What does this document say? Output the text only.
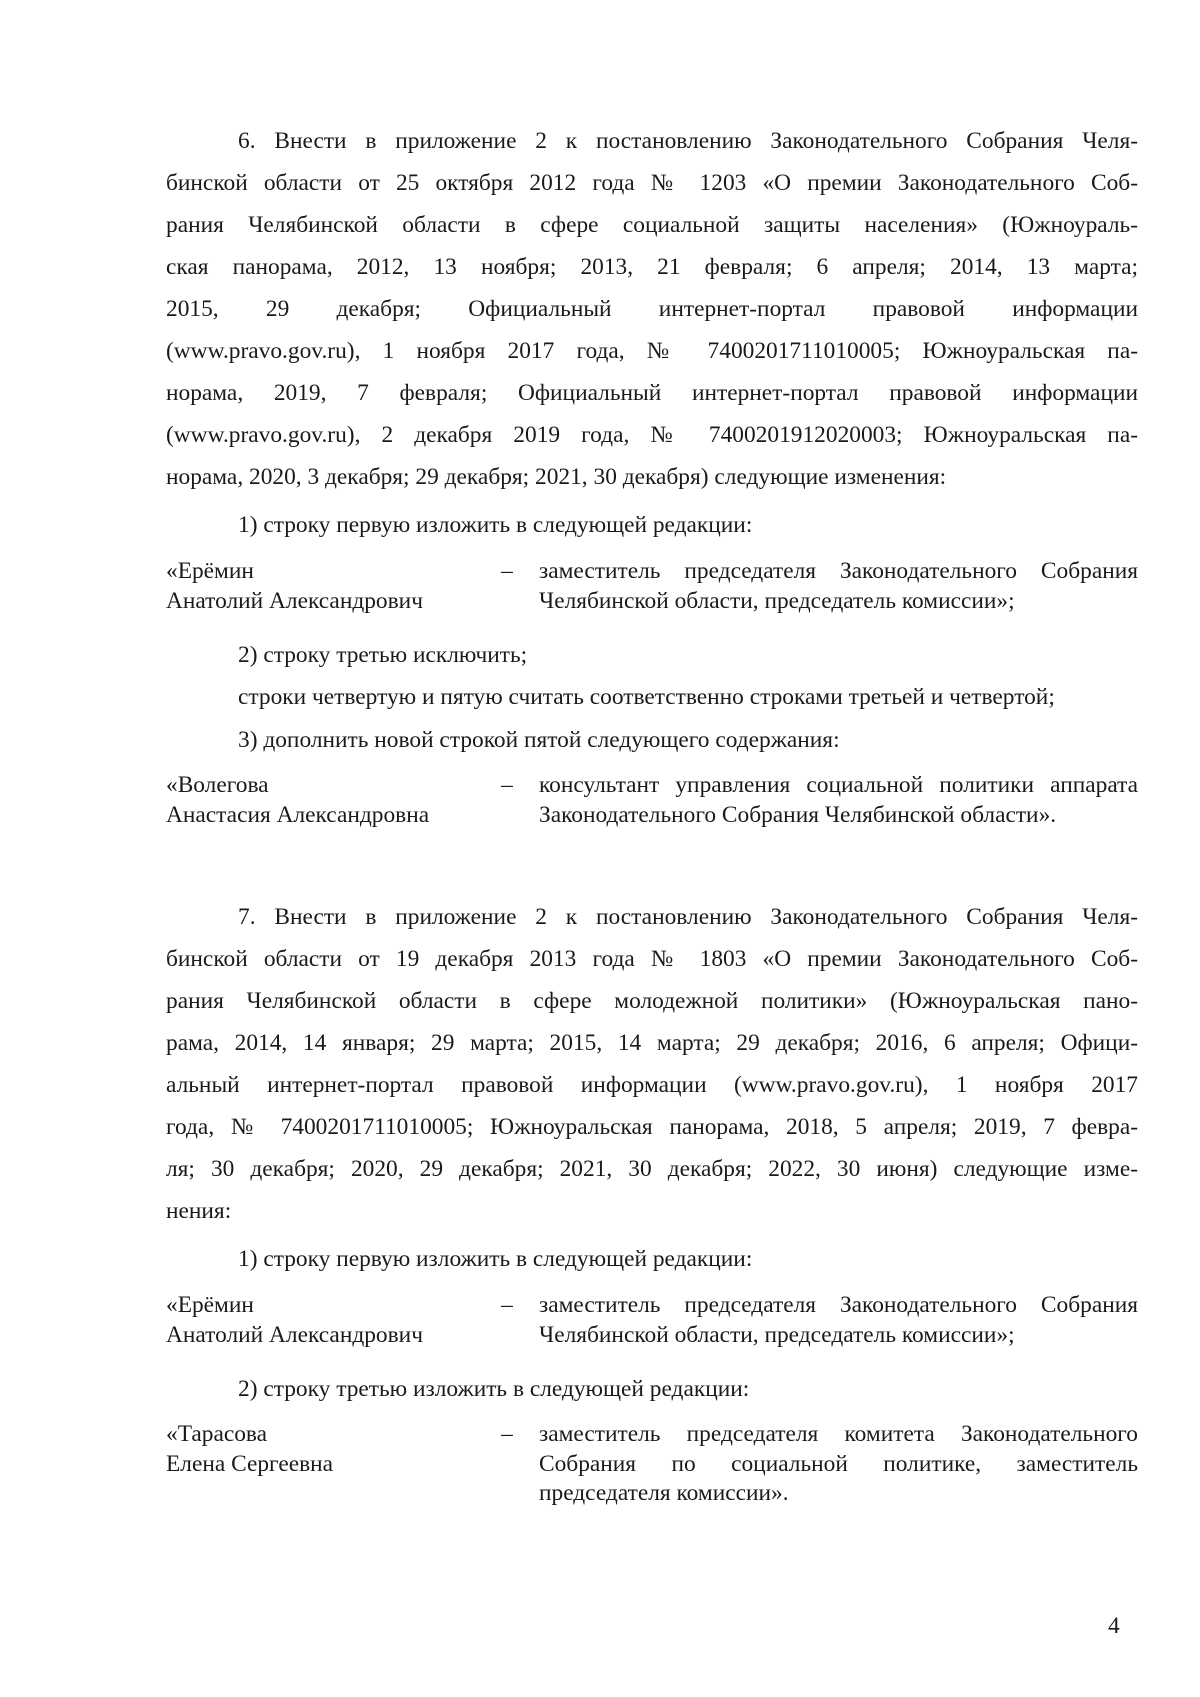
6. Внести в приложение 2 к постановлению Законодательного Собрания Челя-

бинской области от 25 октября 2012 года № 1203 «О премии Законодательного Соб-

рания Челябинской области в сфере социальной защиты населения» (Южноураль-

ская панорама, 2012, 13 ноября; 2013, 21 февраля; 6 апреля; 2014, 13 марта;

2015, 29 декабря; Официальный интернет-портал правовой информации

(www.pravo.gov.ru), 1 ноября 2017 года, № 7400201711010005; Южноуральская па-

норама, 2019, 7 февраля; Официальный интернет-портал правовой информации

(www.pravo.gov.ru), 2 декабря 2019 года, № 7400201912020003; Южноуральская па-

норама, 2020, 3 декабря; 29 декабря; 2021, 30 декабря) следующие изменения:

1) строку первую изложить в следующей редакции:

«Ерёмин
Анатолий Александрович
–	заместитель председателя Законодательного Собрания Челябинской области, председатель комиссии»;

2) строку третью исключить;

строки четвертую и пятую считать соответственно строками третьей и четвертой;

3) дополнить новой строкой пятой следующего содержания:

«Волегова
Анастасия Александровна
–	консультант управления социальной политики аппарата Законодательного Собрания Челябинской области».

7. Внести в приложение 2 к постановлению Законодательного Собрания Челя-

бинской области от 19 декабря 2013 года № 1803 «О премии Законодательного Соб-

рания Челябинской области в сфере молодежной политики» (Южноуральская пано-

рама, 2014, 14 января; 29 марта; 2015, 14 марта; 29 декабря; 2016, 6 апреля; Офици-

альный интернет-портал правовой информации (www.pravo.gov.ru), 1 ноября 2017

года, № 7400201711010005; Южноуральская панорама, 2018, 5 апреля; 2019, 7 февра-

ля; 30 декабря; 2020, 29 декабря; 2021, 30 декабря; 2022, 30 июня) следующие изме-

нения:

1) строку первую изложить в следующей редакции:

«Ерёмин
Анатолий Александрович
–	заместитель председателя Законодательного Собрания Челябинской области, председатель комиссии»;

2) строку третью изложить в следующей редакции:

«Тарасова
Елена Сергеевна
–	заместитель председателя комитета Законодательного Собрания по социальной политике, заместитель председателя комиссии».

4
